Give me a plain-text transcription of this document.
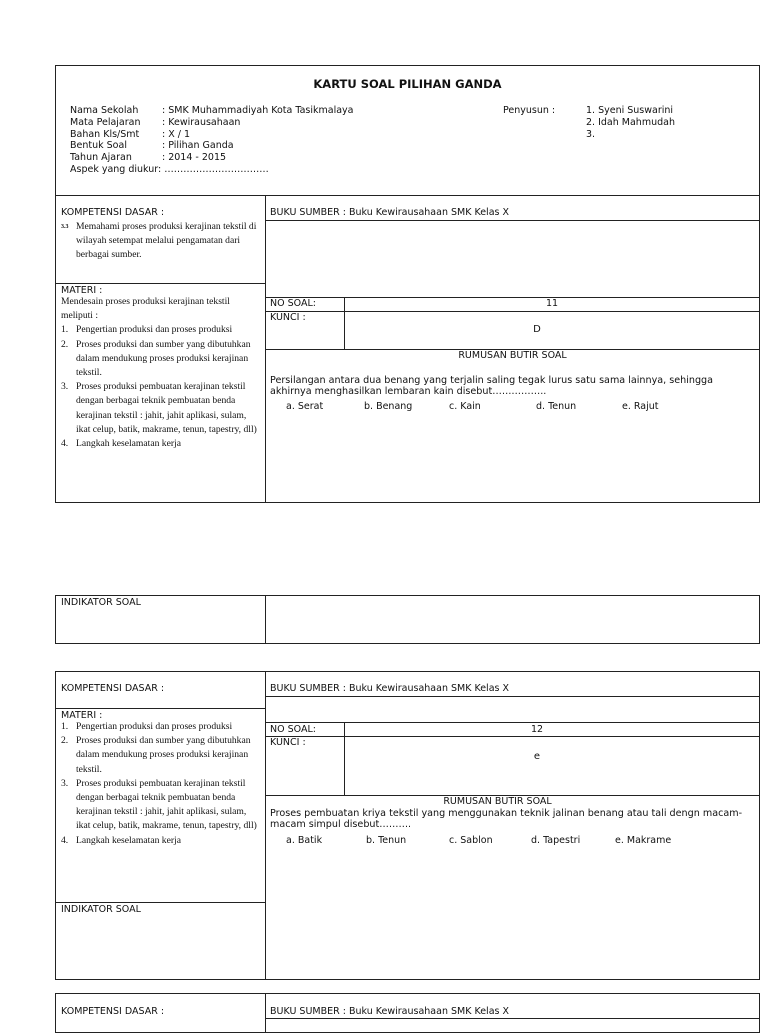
KARTU SOAL PILIHAN GANDA
Nama Sekolah : SMK Muhammadiyah Kota Tasikmalaya
Mata Pelajaran : Kewirausahaan
Bahan Kls/Smt : X / 1
Bentuk Soal	: Pilihan Ganda
Tahun Ajaran	: 2014 - 2015
Aspek yang diukur: ……………………………
Penyusun :	1. Syeni Suswarini
2. Idah Mahmudah
3.
KOMPETENSI DASAR :
3.3 Memahami proses produksi kerajinan tekstil di wilayah setempat melalui pengamatan dari berbagai sumber.
BUKU SUMBER : Buku Kewirausahaan SMK Kelas X
MATERI :
Mendesain proses produksi kerajinan tekstil meliputi :
1. Pengertian produksi dan proses produksi
2. Proses produksi dan sumber yang dibutuhkan dalam mendukung proses produksi kerajinan tekstil.
3. Proses produksi pembuatan kerajinan tekstil dengan berbagai teknik pembuatan benda kerajinan tekstil : jahit, jahit aplikasi, sulam, ikat celup, batik, makrame, tenun, tapestry, dll)
4. Langkah keselamatan kerja
NO SOAL:	11
KUNCI :
D
RUMUSAN BUTIR SOAL
Persilangan antara dua benang yang terjalin saling tegak lurus satu sama lainnya, sehingga akhirnya menghasilkan lembaran kain disebut……………..
a. Serat	b. Benang	c. Kain	d. Tenun	e. Rajut
INDIKATOR SOAL
KOMPETENSI DASAR :	BUKU SUMBER : Buku Kewirausahaan SMK Kelas X
MATERI :
1. Pengertian produksi dan proses produksi
2. Proses produksi dan sumber yang dibutuhkan dalam mendukung proses produksi kerajinan tekstil.
3. Proses produksi pembuatan kerajinan tekstil dengan berbagai teknik pembuatan benda kerajinan tekstil : jahit, jahit aplikasi, sulam, ikat celup, batik, makrame, tenun, tapestry, dll)
4. Langkah keselamatan kerja
INDIKATOR SOAL
NO SOAL:	12
KUNCI :
e
RUMUSAN BUTIR SOAL
Proses pembuatan kriya tekstil yang menggunakan teknik jalinan benang atau tali dengn macam-macam simpul disebut……….
a. Batik	b. Tenun	c. Sablon	d. Tapestri	e. Makrame
KOMPETENSI DASAR :	BUKU SUMBER : Buku Kewirausahaan SMK Kelas X
